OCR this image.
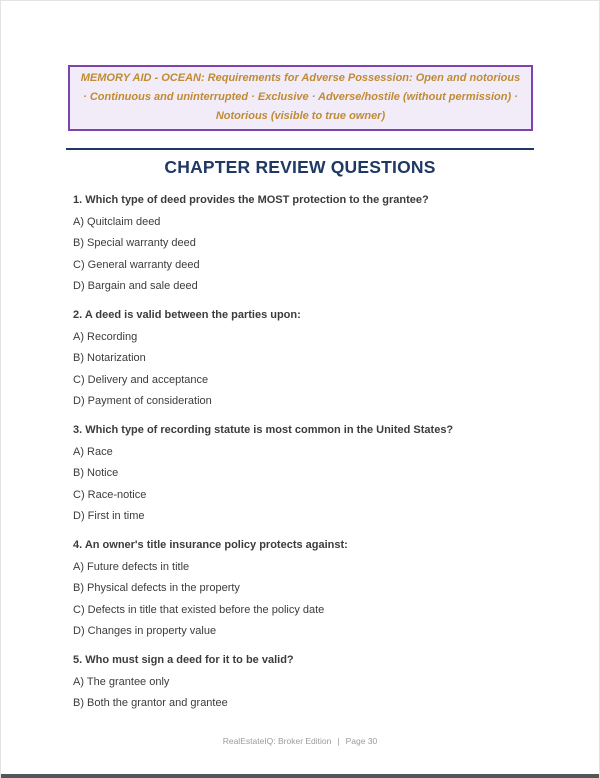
MEMORY AID - OCEAN: Requirements for Adverse Possession: Open and notorious
· Continuous and uninterrupted · Exclusive · Adverse/hostile (without permission) ·
Notorious (visible to true owner)

CHAPTER REVIEW QUESTIONS

1. Which type of deed provides the MOST protection to the grantee?

A) Quitclaim deed

B) Special warranty deed

C) General warranty deed

D) Bargain and sale deed

2. A deed is valid between the parties upon:

A) Recording

B) Notarization

C) Delivery and acceptance

D) Payment of consideration

3. Which type of recording statute is most common in the United States?

A) Race

B) Notice

C) Race-notice

D) First in time

4. An owner's title insurance policy protects against:

A) Future defects in title

B) Physical defects in the property

C) Defects in title that existed before the policy date

D) Changes in property value

5. Who must sign a deed for it to be valid?

A) The grantee only

B) Both the grantor and grantee

RealEstateIQ: Broker Edition | Page 30
